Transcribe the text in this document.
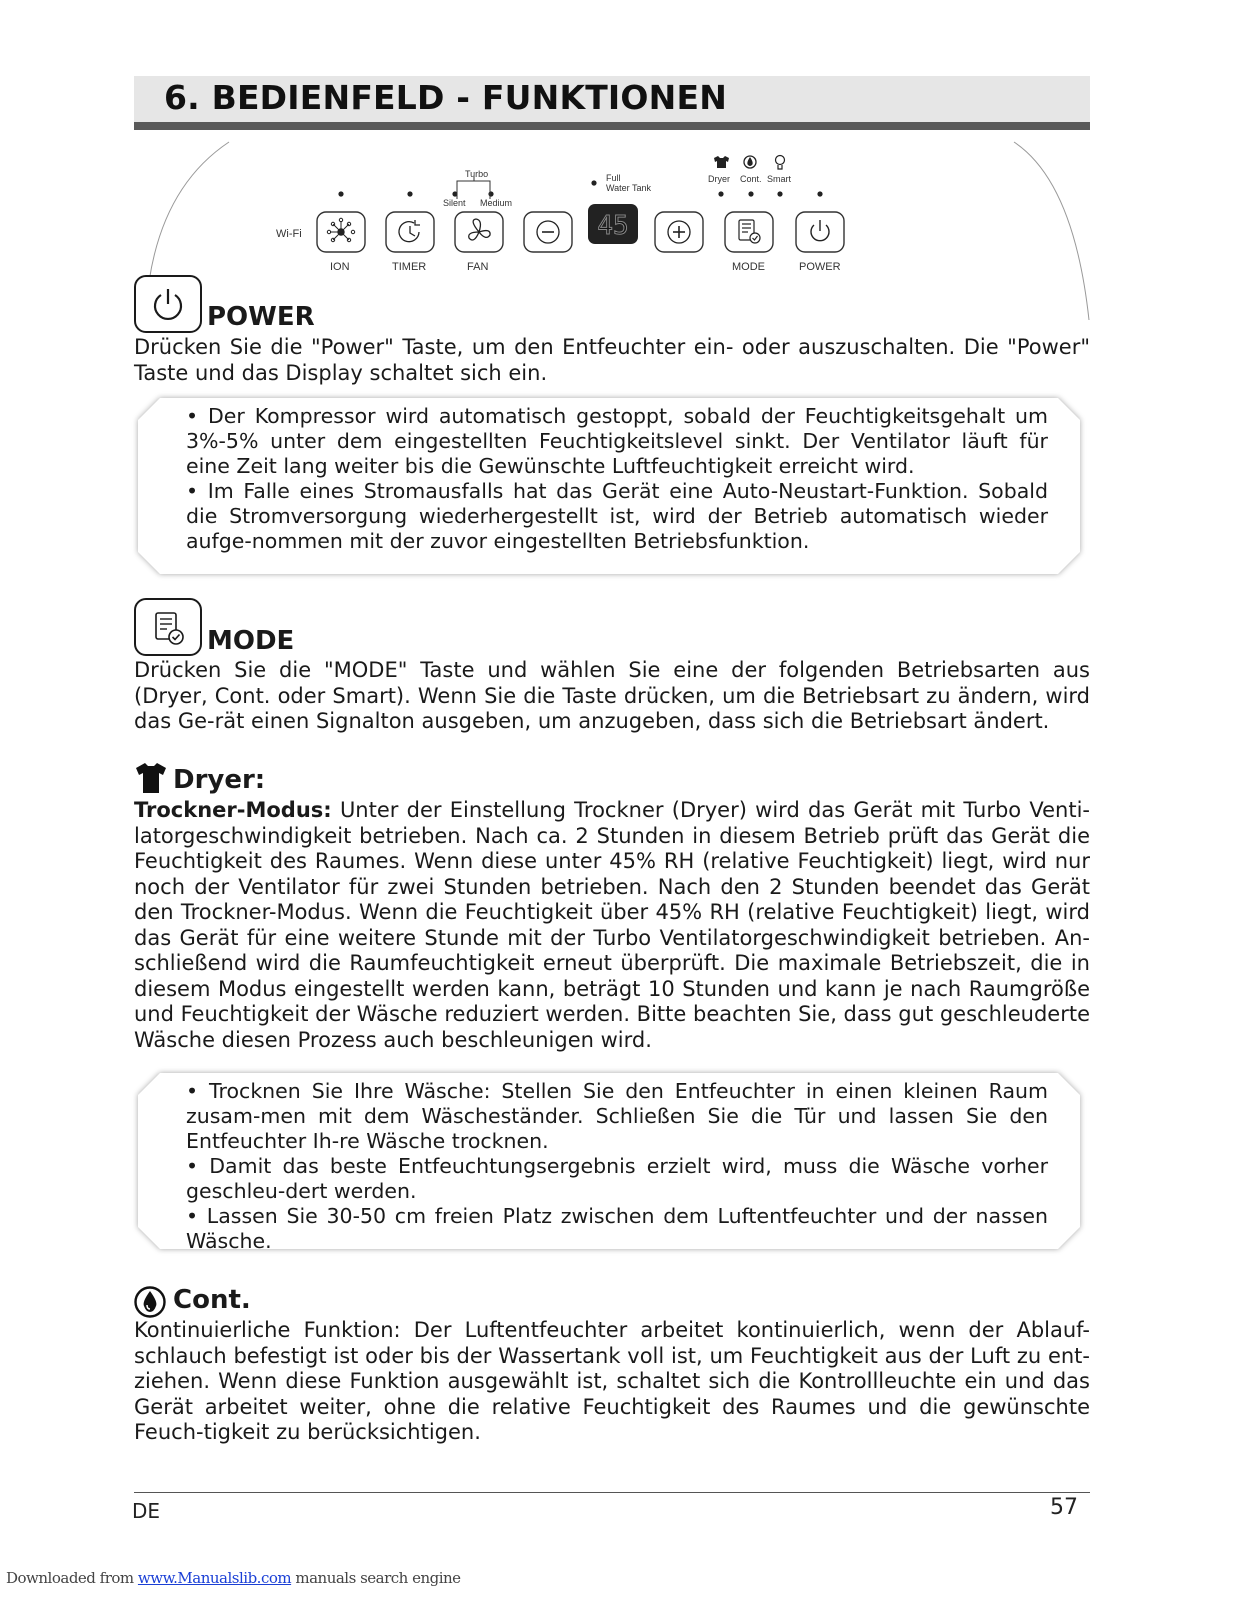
6. BEDIENFELD - FUNKTIONEN
Wi-Fi
Turbo
Silent Medium
Full
Water Tank
Dryer Cont. Smart
ION	TIMER	FAN
45
MODE	POWER
POWER
Drücken Sie die "Power" Taste, um den Entfeuchter ein- oder auszuschalten. Die "Power" Taste und das Display schaltet sich ein.
• Der Kompressor wird automatisch gestoppt, sobald der Feuchtigkeitsgehalt um 3%-5% unter dem eingestellten Feuchtigkeitslevel sinkt. Der Ventilator läuft für eine Zeit lang weiter bis die Gewünschte Luftfeuchtigkeit erreicht wird.
• Im Falle eines Stromausfalls hat das Gerät eine Auto-Neustart-Funktion. Sobald die Stromversorgung wiederhergestellt ist, wird der Betrieb automatisch wieder aufge-nommen mit der zuvor eingestellten Betriebsfunktion.
MODE
Drücken Sie die "MODE" Taste und wählen Sie eine der folgenden Betriebsarten aus (Dryer, Cont. oder Smart). Wenn Sie die Taste drücken, um die Betriebsart zu ändern, wird das Ge-rät einen Signalton ausgeben, um anzugeben, dass sich die Betriebsart ändert.
Dryer:
Trockner-Modus: Unter der Einstellung Trockner (Dryer) wird das Gerät mit Turbo Venti-latorgeschwindigkeit betrieben. Nach ca. 2 Stunden in diesem Betrieb prüft das Gerät die Feuchtigkeit des Raumes. Wenn diese unter 45% RH (relative Feuchtigkeit) liegt, wird nur noch der Ventilator für zwei Stunden betrieben. Nach den 2 Stunden beendet das Gerät den Trockner-Modus. Wenn die Feuchtigkeit über 45% RH (relative Feuchtigkeit) liegt, wird das Gerät für eine weitere Stunde mit der Turbo Ventilatorgeschwindigkeit betrieben. An-schließend wird die Raumfeuchtigkeit erneut überprüft. Die maximale Betriebszeit, die in diesem Modus eingestellt werden kann, beträgt 10 Stunden und kann je nach Raumgröße und Feuchtigkeit der Wäsche reduziert werden. Bitte beachten Sie, dass gut geschleuderte Wäsche diesen Prozess auch beschleunigen wird.
• Trocknen Sie Ihre Wäsche: Stellen Sie den Entfeuchter in einen kleinen Raum zusam-men mit dem Wäscheständer. Schließen Sie die Tür und lassen Sie den Entfeuchter Ih-re Wäsche trocknen.
• Damit das beste Entfeuchtungsergebnis erzielt wird, muss die Wäsche vorher geschleu-dert werden.
• Lassen Sie 30-50 cm freien Platz zwischen dem Luftentfeuchter und der nassen Wäsche.
Cont.
Kontinuierliche Funktion: Der Luftentfeuchter arbeitet kontinuierlich, wenn der Ablauf-schlauch befestigt ist oder bis der Wassertank voll ist, um Feuchtigkeit aus der Luft zu ent-ziehen. Wenn diese Funktion ausgewählt ist, schaltet sich die Kontrollleuchte ein und das Gerät arbeitet weiter, ohne die relative Feuchtigkeit des Raumes und die gewünschte Feuch-tigkeit zu berücksichtigen.
DE	57
Downloaded from www.Manualslib.com manuals search engine
